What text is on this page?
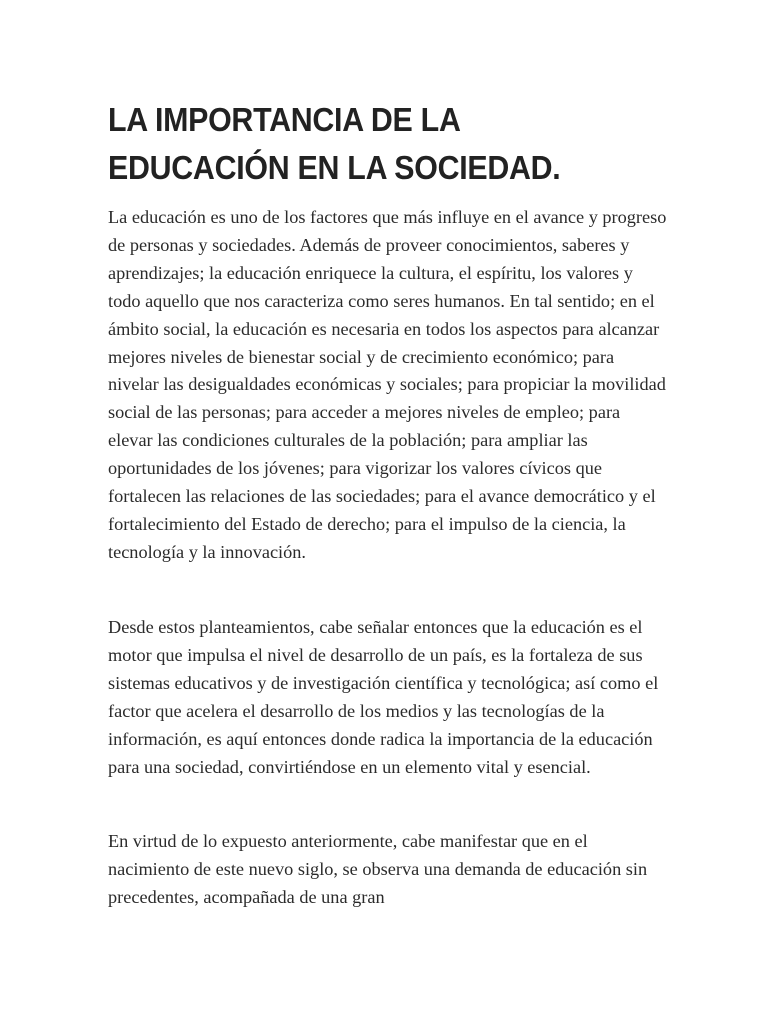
LA IMPORTANCIA DE LA
EDUCACIÓN EN LA SOCIEDAD.

La educación es uno de los factores que más influye en el avance y progreso de personas y sociedades. Además de proveer conocimientos, saberes y aprendizajes; la educación enriquece la cultura, el espíritu, los valores y todo aquello que nos caracteriza como seres humanos. En tal sentido; en el ámbito social, la educación es necesaria en todos los aspectos para alcanzar mejores niveles de bienestar social y de crecimiento económico; para nivelar las desigualdades económicas y sociales; para propiciar la movilidad social de las personas; para acceder a mejores niveles de empleo; para elevar las condiciones culturales de la población; para ampliar las oportunidades de los jóvenes; para vigorizar los valores cívicos que fortalecen las relaciones de las sociedades; para el avance democrático y el fortalecimiento del Estado de derecho; para el impulso de la ciencia, la tecnología y la innovación.

Desde estos planteamientos, cabe señalar entonces que la educación es el motor que impulsa el nivel de desarrollo de un país, es la fortaleza de sus sistemas educativos y de investigación científica y tecnológica; así como el factor que acelera el desarrollo de los medios y las tecnologías de la información, es aquí entonces donde radica la importancia de la educación para una sociedad, convirtiéndose en un elemento vital y esencial.

En virtud de lo expuesto anteriormente, cabe manifestar que en el nacimiento de este nuevo siglo, se observa una demanda de educación sin precedentes, acompañada de una gran
